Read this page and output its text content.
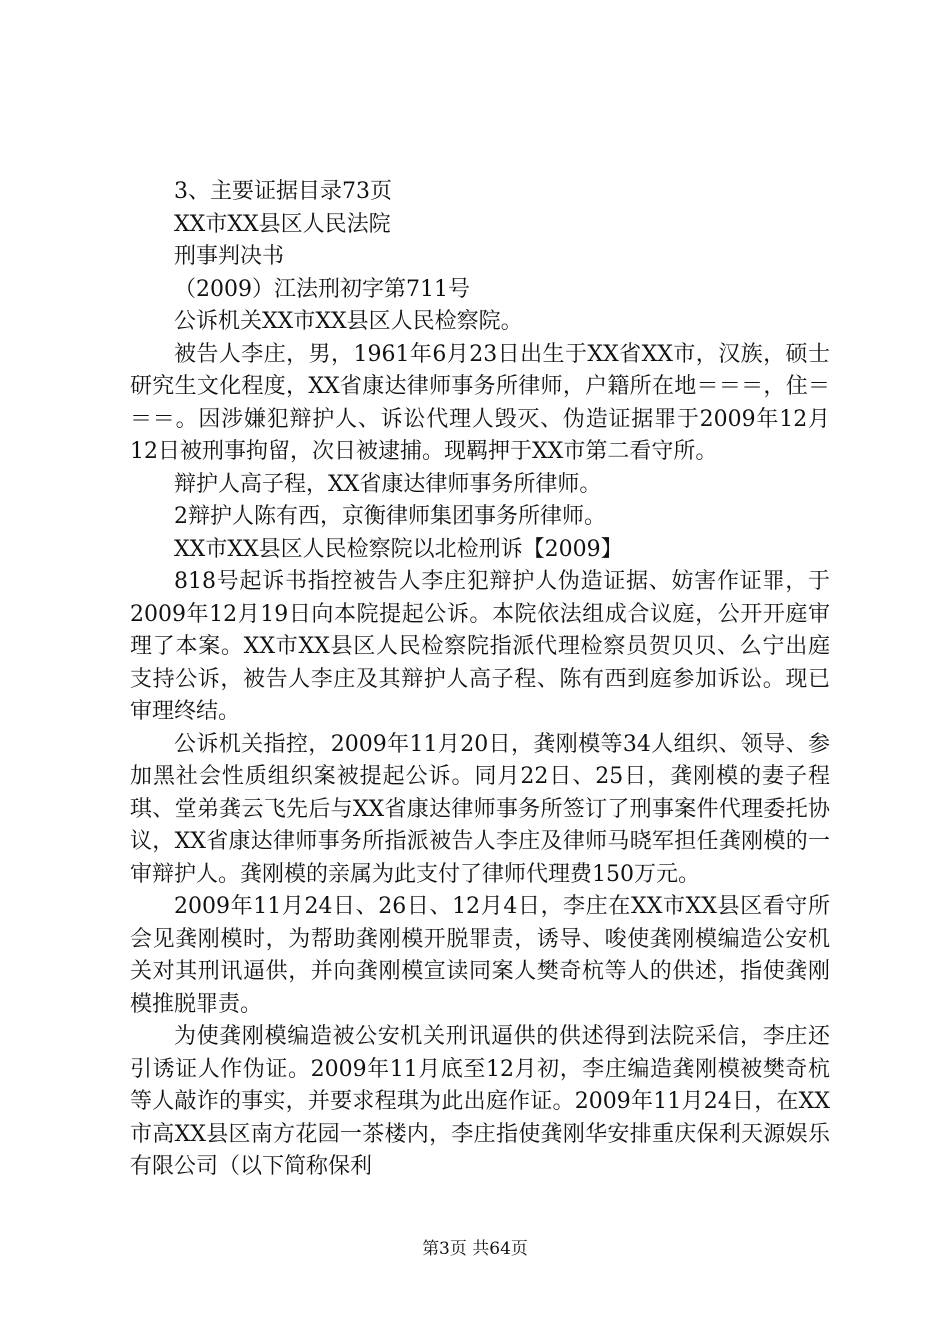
3、主要证据目录73页

XX市XX县区人民法院

刑事判决书

（2009）江法刑初字第711号

公诉机关XX市XX县区人民检察院。

被告人李庄，男，1961年6月23日出生于XX省XX市，汉族，硕士研究生文化程度，XX省康达律师事务所律师，户籍所在地＝＝＝，住＝＝＝。因涉嫌犯辩护人、诉讼代理人毁灭、伪造证据罪于2009年12月12日被刑事拘留，次日被逮捕。现羁押于XX市第二看守所。

辩护人高子程，XX省康达律师事务所律师。

2辩护人陈有西，京衡律师集团事务所律师。

XX市XX县区人民检察院以北检刑诉【2009】

818号起诉书指控被告人李庄犯辩护人伪造证据、妨害作证罪，于2009年12月19日向本院提起公诉。本院依法组成合议庭，公开开庭审理了本案。XX市XX县区人民检察院指派代理检察员贺贝贝、么宁出庭支持公诉，被告人李庄及其辩护人高子程、陈有西到庭参加诉讼。现已审理终结。

公诉机关指控，2009年11月20日，龚刚模等34人组织、领导、参加黑社会性质组织案被提起公诉。同月22日、25日，龚刚模的妻子程琪、堂弟龚云飞先后与XX省康达律师事务所签订了刑事案件代理委托协议，XX省康达律师事务所指派被告人李庄及律师马晓军担任龚刚模的一审辩护人。龚刚模的亲属为此支付了律师代理费150万元。

2009年11月24日、26日、12月4日，李庄在XX市XX县区看守所会见龚刚模时，为帮助龚刚模开脱罪责，诱导、唆使龚刚模编造公安机关对其刑讯逼供，并向龚刚模宣读同案人樊奇杭等人的供述，指使龚刚模推脱罪责。

为使龚刚模编造被公安机关刑讯逼供的供述得到法院采信，李庄还引诱证人作伪证。2009年11月底至12月初，李庄编造龚刚模被樊奇杭等人敲诈的事实，并要求程琪为此出庭作证。2009年11月24日，在XX市高XX县区南方花园一茶楼内，李庄指使龚刚华安排重庆保利天源娱乐有限公司（以下简称保利

第3页 共64页
